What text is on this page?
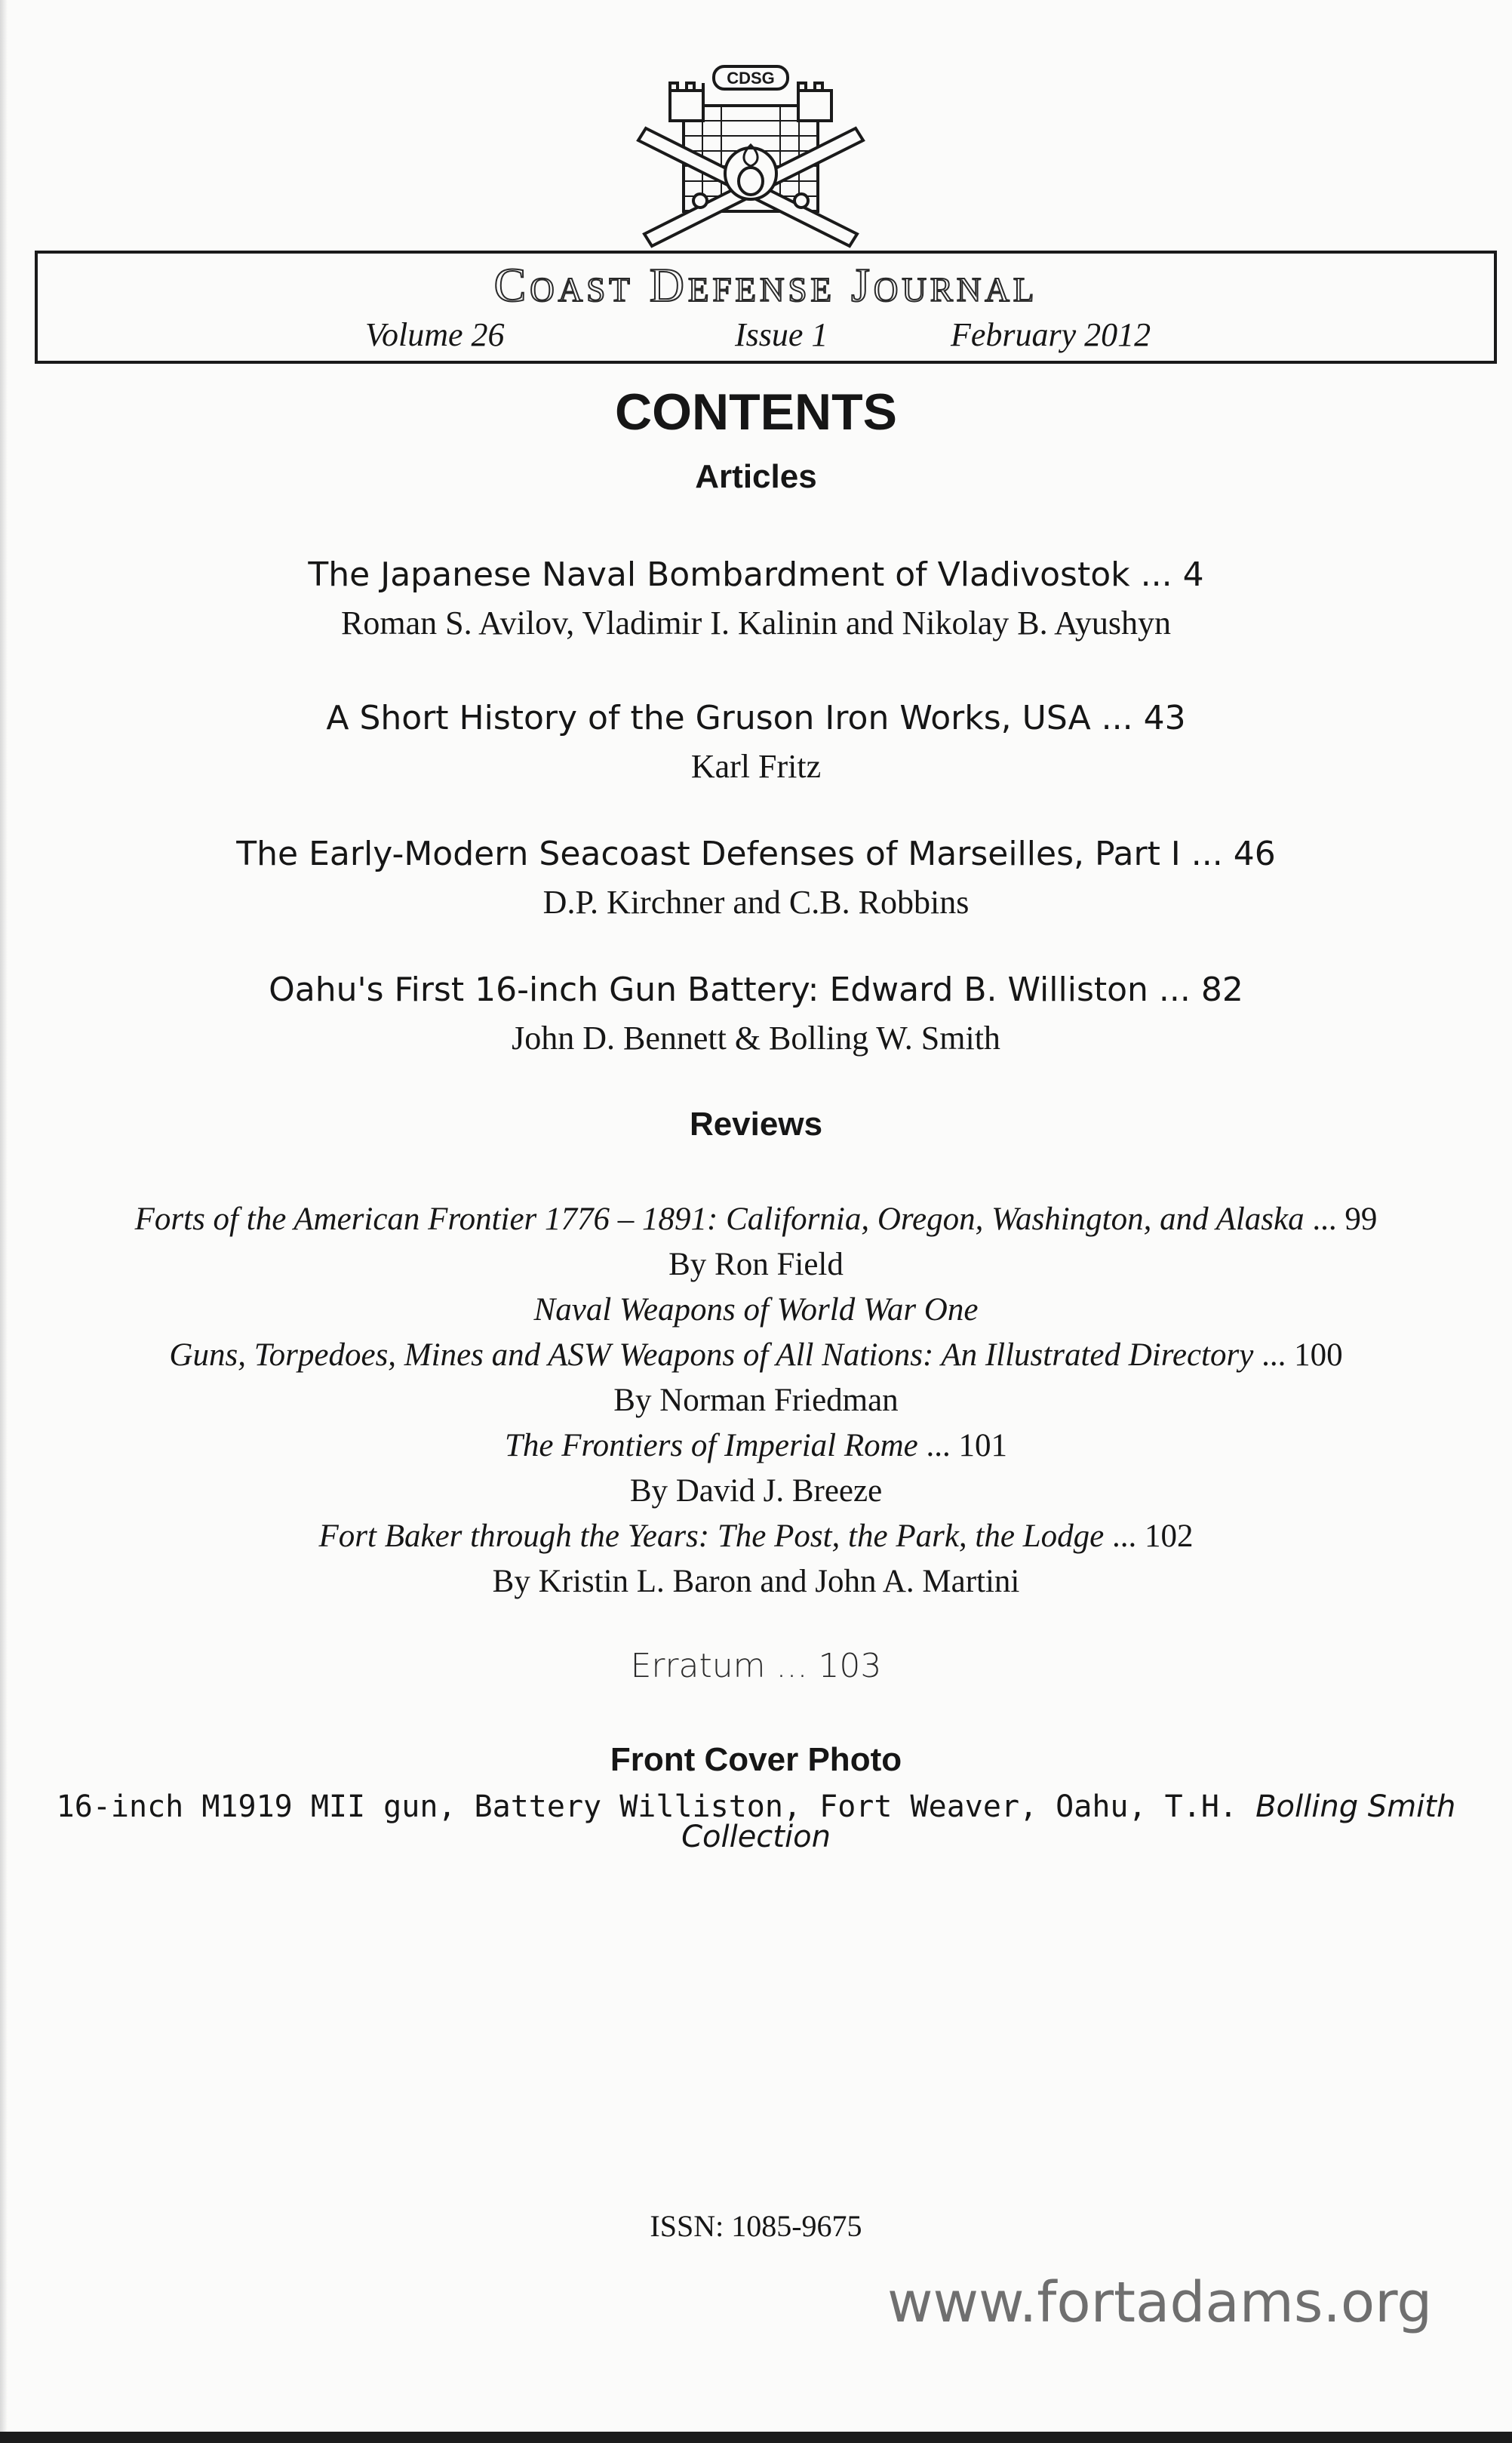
CDSG
Coast Defense Journal
Volume 26	Issue 1	February 2012
CONTENTS
Articles
The Japanese Naval Bombardment of Vladivostok ... 4
Roman S. Avilov, Vladimir I. Kalinin and Nikolay B. Ayushyn
A Short History of the Gruson Iron Works, USA ... 43
Karl Fritz
The Early-Modern Seacoast Defenses of Marseilles, Part I ... 46
D.P. Kirchner and C.B. Robbins
Oahu's First 16-inch Gun Battery: Edward B. Williston ... 82
John D. Bennett & Bolling W. Smith
Reviews
Forts of the American Frontier 1776 – 1891: California, Oregon, Washington, and Alaska ... 99
By Ron Field
Naval Weapons of World War One
Guns, Torpedoes, Mines and ASW Weapons of All Nations: An Illustrated Directory ... 100
By Norman Friedman
The Frontiers of Imperial Rome ... 101
By David J. Breeze
Fort Baker through the Years: The Post, the Park, the Lodge ... 102
By Kristin L. Baron and John A. Martini
Erratum ... 103
Front Cover Photo
16-inch M1919 MII gun, Battery Williston, Fort Weaver, Oahu, T.H. Bolling Smith Collection
ISSN: 1085-9675
www.fortadams.org
